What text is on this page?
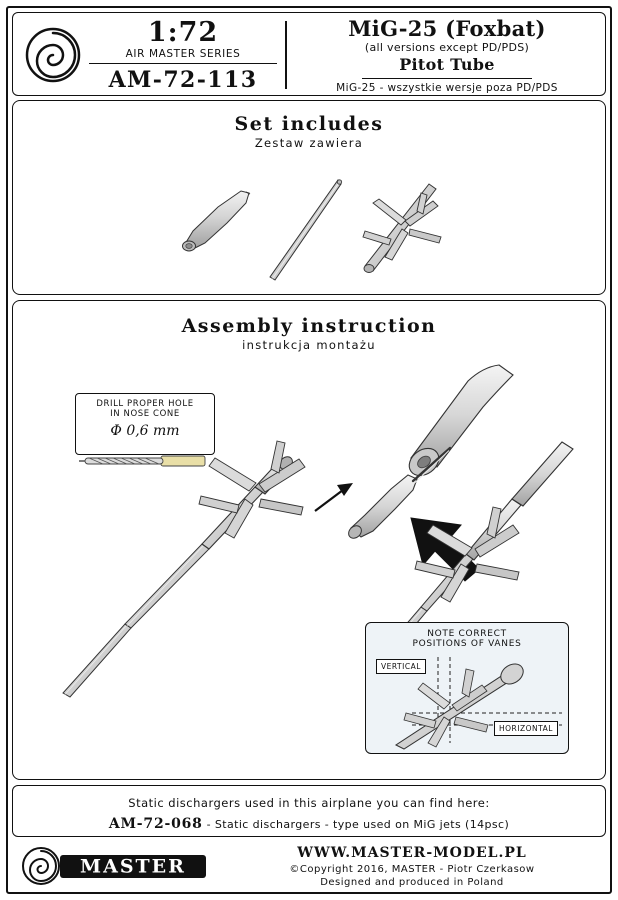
1:72
AIR MASTER SERIES
AM-72-113
MiG-25 (Foxbat)
(all versions except PD/PDS)
Pitot Tube
MiG-25 - wszystkie wersje poza PD/PDS
Set includes
Zestaw zawiera
Assembly instruction
instrukcja montażu
DRILL PROPER HOLE
IN NOSE CONE
Φ 0,6 mm
NOTE CORRECT
POSITIONS OF VANES
VERTICAL
HORIZONTAL
Static dischargers used in this airplane you can find here:
AM-72-068 - Static dischargers - type used on MiG jets (14psc)
MASTER
WWW.MASTER-MODEL.PL
©Copyright 2016, MASTER - Piotr Czerkasow
Designed and produced in Poland
